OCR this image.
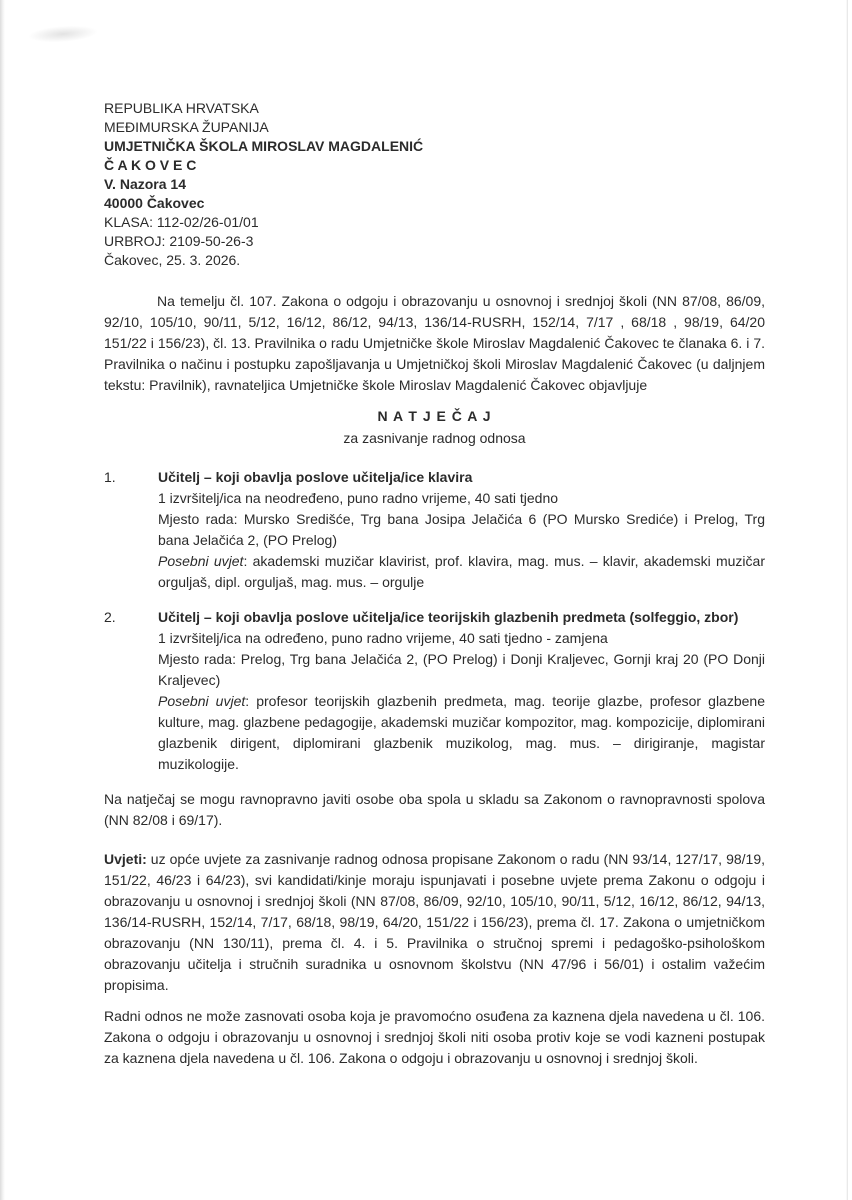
REPUBLIKA HRVATSKA
MEĐIMURSKA ŽUPANIJA
UMJETNIČKA ŠKOLA MIROSLAV MAGDALENIĆ
Č A K O V E C
V. Nazora 14
40000 Čakovec
KLASA: 112-02/26-01/01
URBROJ: 2109-50-26-3
Čakovec, 25. 3. 2026.

Na temelju čl. 107. Zakona o odgoju i obrazovanju u osnovnoj i srednjoj školi (NN 87/08, 86/09, 92/10, 105/10, 90/11, 5/12, 16/12, 86/12, 94/13, 136/14-RUSRH, 152/14, 7/17 , 68/18 , 98/19, 64/20 151/22 i 156/23), čl. 13. Pravilnika o radu Umjetničke škole Miroslav Magdalenić Čakovec te članaka 6. i 7. Pravilnika o načinu i postupku zapošljavanja u Umjetničkoj školi Miroslav Magdalenić Čakovec (u daljnjem tekstu: Pravilnik), ravnateljica Umjetničke škole Miroslav Magdalenić Čakovec objavljuje

N A T J E Č A J
za zasnivanje radnog odnosa
1.	Učitelj – koji obavlja poslove učitelja/ice klavira
1 izvršitelj/ica na neodređeno, puno radno vrijeme, 40 sati tjedno
Mjesto rada: Mursko Središće, Trg bana Josipa Jelačića 6 (PO Mursko Srediće) i Prelog, Trg bana Jelačića 2, (PO Prelog)
Posebni uvjet: akademski muzičar klavirist, prof. klavira, mag. mus. – klavir, akademski muzičar orguljaš, dipl. orguljaš, mag. mus. – orgulje
2.	Učitelj – koji obavlja poslove učitelja/ice teorijskih glazbenih predmeta (solfeggio, zbor)
1 izvršitelj/ica na određeno, puno radno vrijeme, 40 sati tjedno - zamjena
Mjesto rada: Prelog, Trg bana Jelačića 2, (PO Prelog) i Donji Kraljevec, Gornji kraj 20 (PO Donji Kraljevec)
Posebni uvjet: profesor teorijskih glazbenih predmeta, mag. teorije glazbe, profesor glazbene kulture, mag. glazbene pedagogije, akademski muzičar kompozitor, mag. kompozicije, diplomirani glazbenik dirigent, diplomirani glazbenik muzikolog, mag. mus. – dirigiranje, magistar muzikologije.

Na natječaj se mogu ravnopravno javiti osobe oba spola u skladu sa Zakonom o ravnopravnosti spolova (NN 82/08 i 69/17).

Uvjeti: uz opće uvjete za zasnivanje radnog odnosa propisane Zakonom o radu (NN 93/14, 127/17, 98/19, 151/22, 46/23 i 64/23), svi kandidati/kinje moraju ispunjavati i posebne uvjete prema Zakonu o odgoju i obrazovanju u osnovnoj i srednjoj školi (NN 87/08, 86/09, 92/10, 105/10, 90/11, 5/12, 16/12, 86/12, 94/13, 136/14-RUSRH, 152/14, 7/17, 68/18, 98/19, 64/20, 151/22 i 156/23), prema čl. 17. Zakona o umjetničkom obrazovanju (NN 130/11), prema čl. 4. i 5. Pravilnika o stručnoj spremi i pedagoško-psihološkom obrazovanju učitelja i stručnih suradnika u osnovnom školstvu (NN 47/96 i 56/01) i ostalim važećim propisima.

Radni odnos ne može zasnovati osoba koja je pravomoćno osuđena za kaznena djela navedena u čl. 106. Zakona o odgoju i obrazovanju u osnovnoj i srednjoj školi niti osoba protiv koje se vodi kazneni postupak za kaznena djela navedena u čl. 106. Zakona o odgoju i obrazovanju u osnovnoj i srednjoj školi.
